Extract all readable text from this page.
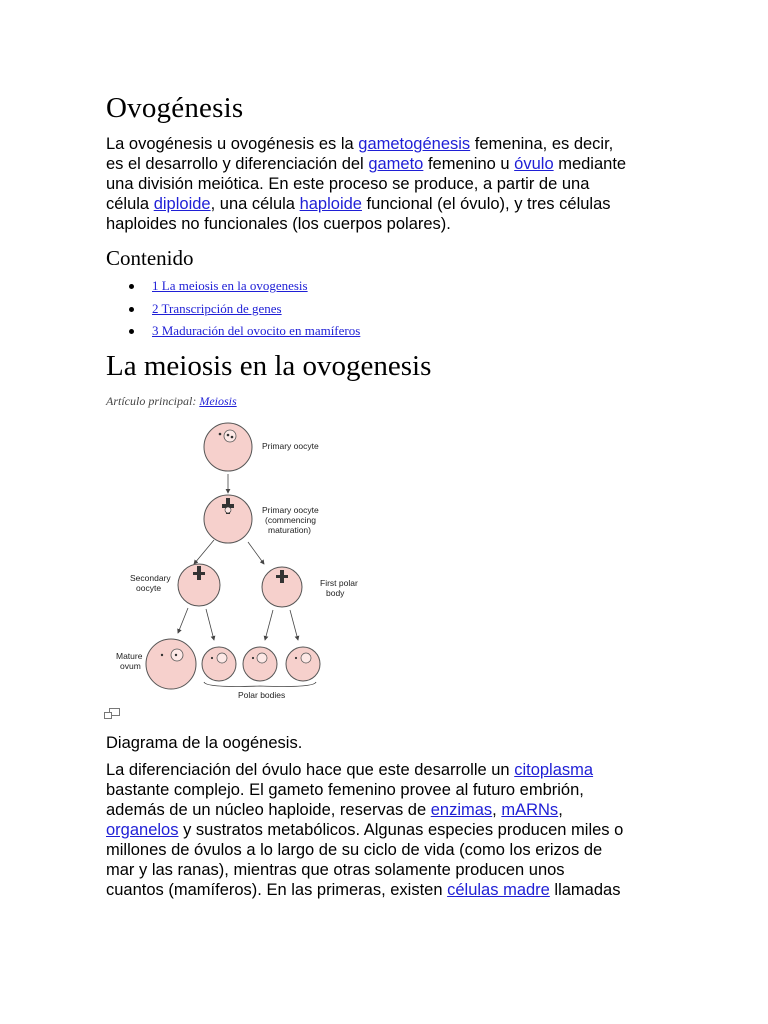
Ovogénesis
La ovogénesis u ovogénesis es la gametogénesis femenina, es decir,
es el desarrollo y diferenciación del gameto femenino u óvulo mediante
una división meiótica. En este proceso se produce, a partir de una
célula diploide, una célula haploide funcional (el óvulo), y tres células
haploides no funcionales (los cuerpos polares).
Contenido
1 La meiosis en la ovogenesis
2 Transcripción de genes
3 Maduración del ovocito en mamíferos
La meiosis en la ovogenesis

Artículo principal: Meiosis

Primary oocyte
Primary oocyte
(commencing
maturation)
Secondary
oocyte	First polar
body
Mature
ovum
Polar bodies

Diagrama de la oogénesis.

La diferenciación del óvulo hace que este desarrolle un citoplasma
bastante complejo. El gameto femenino provee al futuro embrión,
además de un núcleo haploide, reservas de enzimas, mARNs,
organelos y sustratos metabólicos. Algunas especies producen miles o
millones de óvulos a lo largo de su ciclo de vida (como los erizos de
mar y las ranas), mientras que otras solamente producen unos
cuantos (mamíferos). En las primeras, existen células madre llamadas
